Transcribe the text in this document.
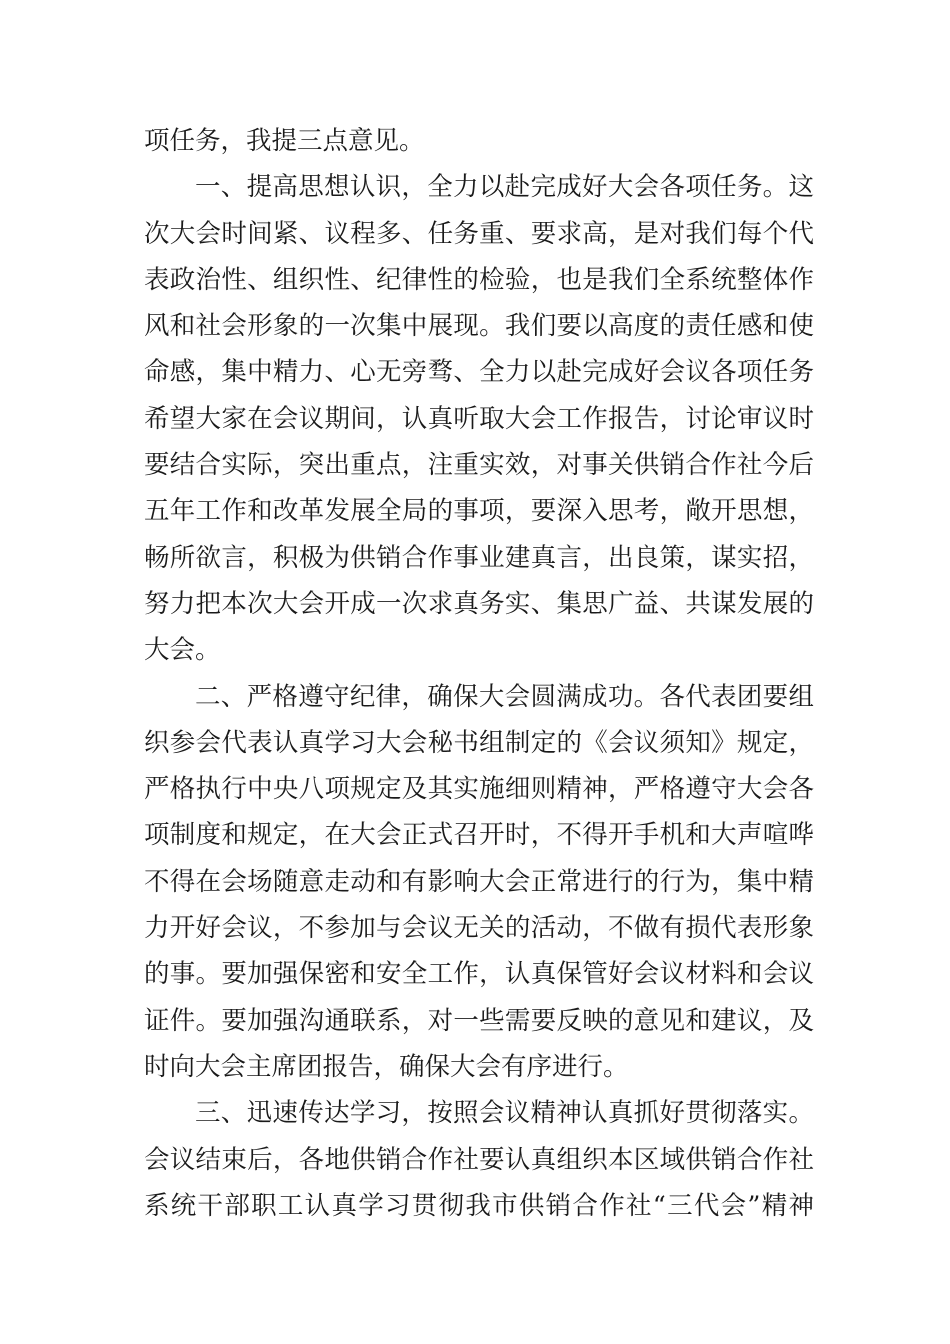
项任务，我提三点意见。
一、提高思想认识，全力以赴完成好大会各项任务。这
次大会时间紧、议程多、任务重、要求高，是对我们每个代
表政治性、组织性、纪律性的检验，也是我们全系统整体作
风和社会形象的一次集中展现。我们要以高度的责任感和使
命感，集中精力、心无旁骛、全力以赴完成好会议各项任务
希望大家在会议期间，认真听取大会工作报告，讨论审议时
要结合实际，突出重点，注重实效，对事关供销合作社今后
五年工作和改革发展全局的事项，要深入思考，敞开思想，
畅所欲言，积极为供销合作事业建真言，出良策，谋实招，
努力把本次大会开成一次求真务实、集思广益、共谋发展的
大会。
二、严格遵守纪律，确保大会圆满成功。各代表团要组
织参会代表认真学习大会秘书组制定的《会议须知》规定，
严格执行中央八项规定及其实施细则精神，严格遵守大会各
项制度和规定，在大会正式召开时，不得开手机和大声喧哗
不得在会场随意走动和有影响大会正常进行的行为，集中精
力开好会议，不参加与会议无关的活动，不做有损代表形象
的事。要加强保密和安全工作，认真保管好会议材料和会议
证件。要加强沟通联系，对一些需要反映的意见和建议，及
时向大会主席团报告，确保大会有序进行。
三、迅速传达学习，按照会议精神认真抓好贯彻落实。
会议结束后，各地供销合作社要认真组织本区域供销合作社
系统干部职工认真学习贯彻我市供销合作社“三代会”精神
